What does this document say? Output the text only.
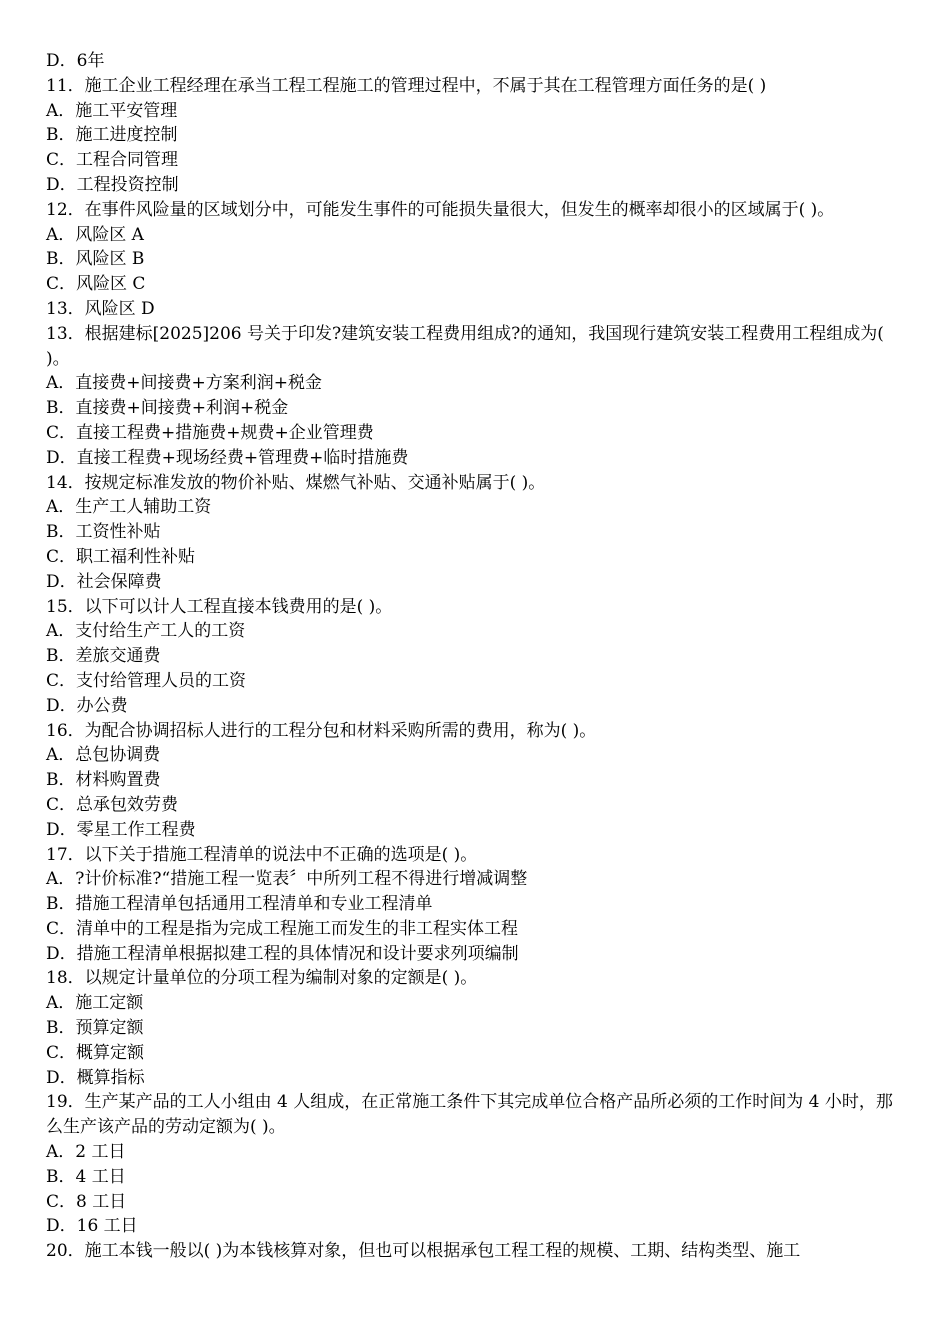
D．6年

11．施工企业工程经理在承当工程工程施工的管理过程中，不属于其在工程管理方面任务的是( )

A．施工平安管理

B．施工进度控制

C．工程合同管理

D．工程投资控制

12．在事件风险量的区域划分中，可能发生事件的可能损失量很大，但发生的概率却很小的区域属于( )。

A．风险区 A

B．风险区 B

C．风险区 C

13．风险区 D

13．根据建标[2025]206 号关于印发?建筑安装工程费用组成?的通知，我国现行建筑安装工程费用工程组成为( )。

A．直接费+间接费+方案利润+税金

B．直接费+间接费+利润+税金

C．直接工程费+措施费+规费+企业管理费

D．直接工程费+现场经费+管理费+临时措施费

14．按规定标准发放的物价补贴、煤燃气补贴、交通补贴属于( )。

A．生产工人辅助工资

B．工资性补贴

C．职工福利性补贴

D．社会保障费

15．以下可以计人工程直接本钱费用的是( )。

A．支付给生产工人的工资

B．差旅交通费

C．支付给管理人员的工资

D．办公费

16．为配合协调招标人进行的工程分包和材料采购所需的费用，称为( )。

A．总包协调费

B．材料购置费

C．总承包效劳费

D．零星工作工程费

17．以下关于措施工程清单的说法中不正确的选项是( )。

A．?计价标准?“措施工程一览表〞中所列工程不得进行增减调整

B．措施工程清单包括通用工程清单和专业工程清单

C．清单中的工程是指为完成工程施工而发生的非工程实体工程

D．措施工程清单根据拟建工程的具体情况和设计要求列项编制

18．以规定计量单位的分项工程为编制对象的定额是( )。

A．施工定额

B．预算定额

C．概算定额

D．概算指标

19．生产某产品的工人小组由 4 人组成，在正常施工条件下其完成单位合格产品所必须的工作时间为 4 小时，那么生产该产品的劳动定额为( )。

A．2 工日

B．4 工日

C．8 工日

D．16 工日

20．施工本钱一般以( )为本钱核算对象，但也可以根据承包工程工程的规模、工期、结构类型、施工
